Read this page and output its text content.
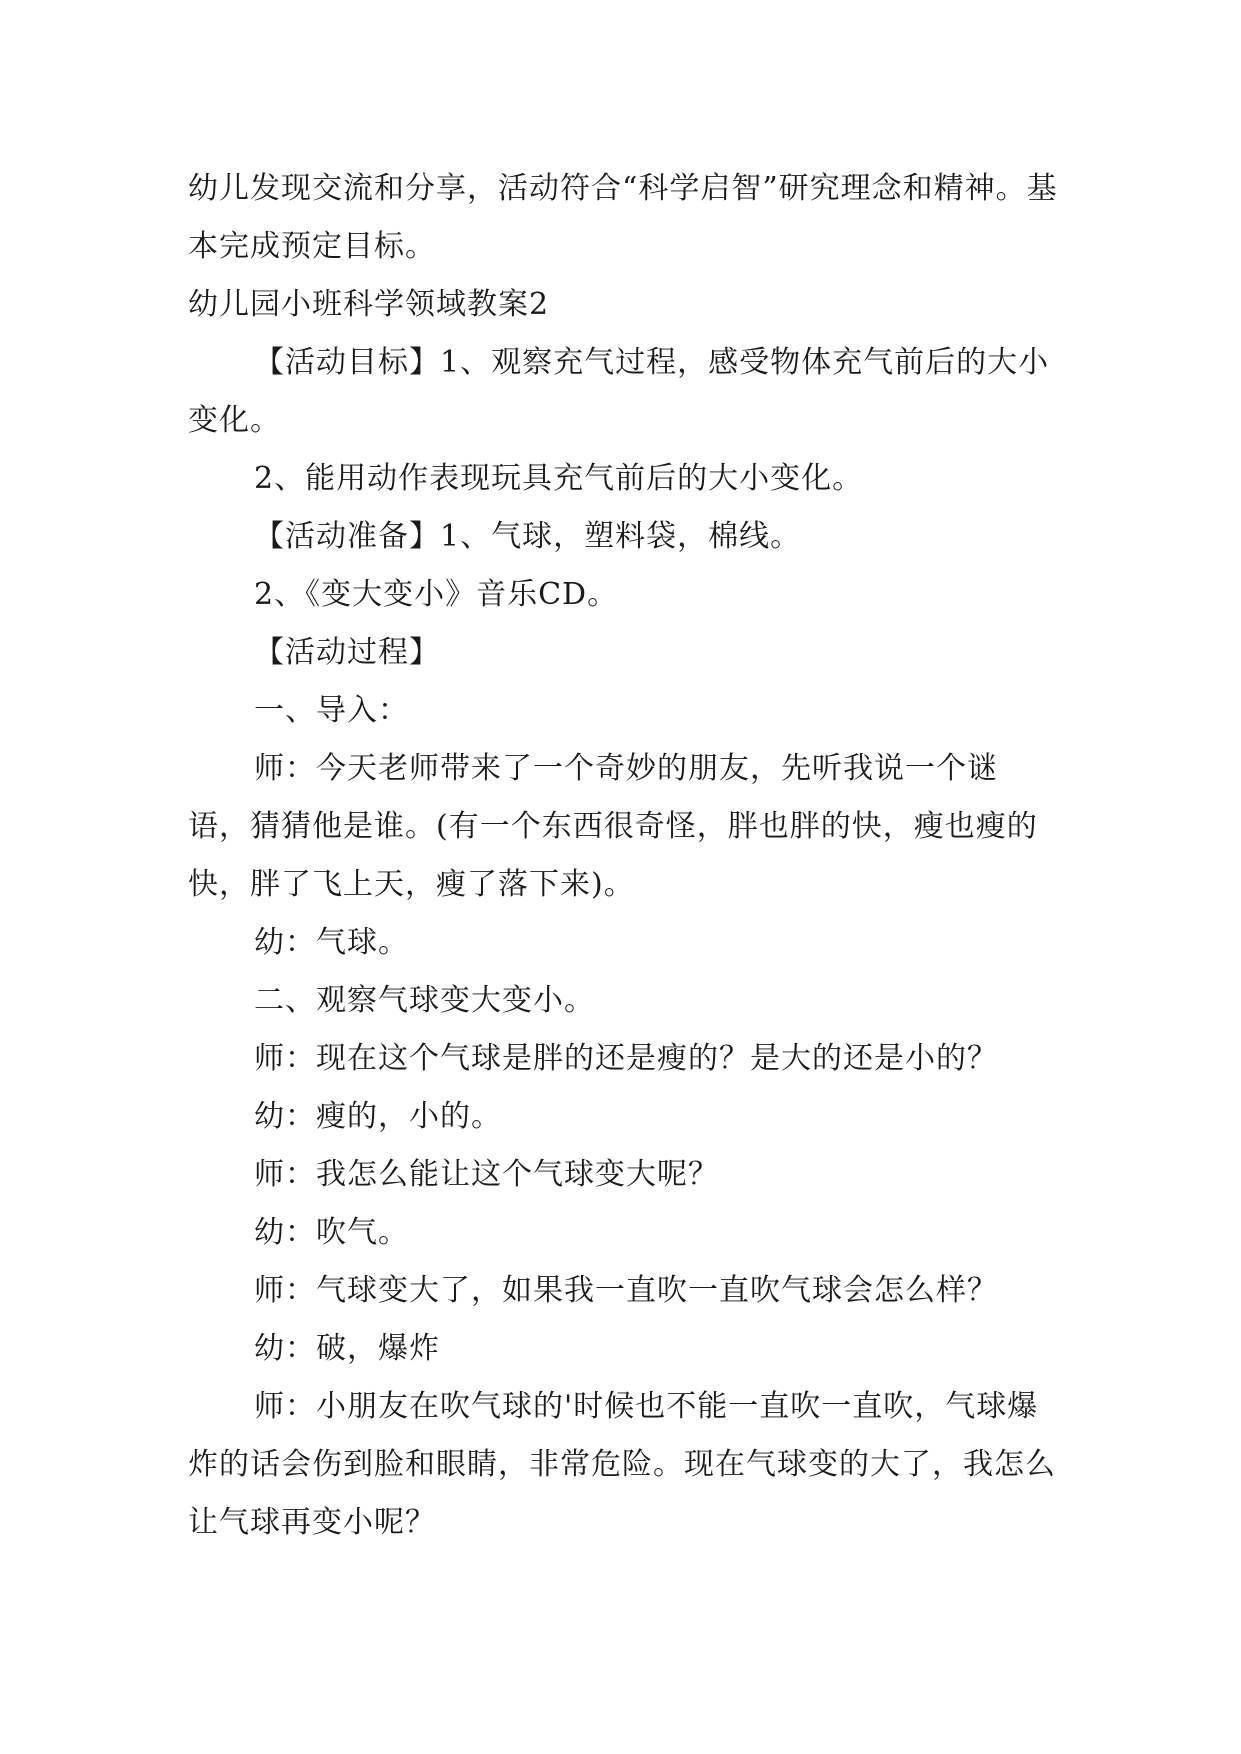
幼儿发现交流和分享，活动符合“科学启智”研究理念和精神。基本完成预定目标。

幼儿园小班科学领域教案2

【活动目标】1、观察充气过程，感受物体充气前后的大小变化。

2、能用动作表现玩具充气前后的大小变化。

【活动准备】1、气球，塑料袋，棉线。

2、《变大变小》音乐CD。

【活动过程】

一、导入：

师：今天老师带来了一个奇妙的朋友，先听我说一个谜语，猜猜他是谁。(有一个东西很奇怪，胖也胖的快，瘦也瘦的快，胖了飞上天，瘦了落下来)。

幼：气球。

二、观察气球变大变小。

师：现在这个气球是胖的还是瘦的？是大的还是小的？

幼：瘦的，小的。

师：我怎么能让这个气球变大呢？

幼：吹气。

师：气球变大了，如果我一直吹一直吹气球会怎么样？

幼：破，爆炸

师：小朋友在吹气球的'时候也不能一直吹一直吹，气球爆炸的话会伤到脸和眼睛，非常危险。现在气球变的大了，我怎么让气球再变小呢？
